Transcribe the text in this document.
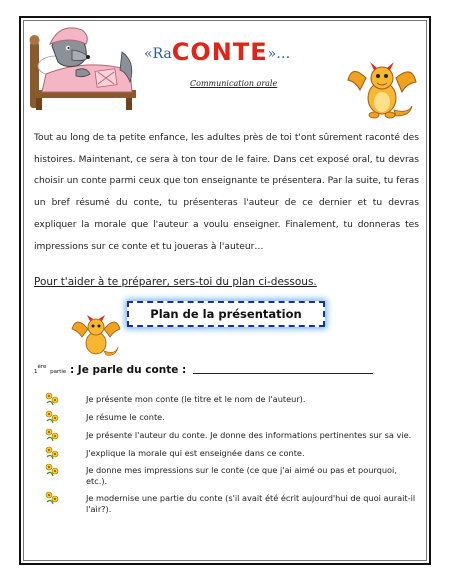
«RaCONTE»…
Communication orale
Tout au long de ta petite enfance, les adultes près de toi t'ont sûrement raconté des histoires. Maintenant, ce sera à ton tour de le faire. Dans cet exposé oral, tu devras choisir un conte parmi ceux que ton enseignante te présentera. Par la suite, tu feras un bref résumé du conte, tu présenteras l'auteur de ce dernier et tu devras expliquer la morale que l'auteur a voulu enseigner. Finalement, tu donneras tes impressions sur ce conte et tu joueras à l'auteur…
Pour t'aider à te préparer, sers-toi du plan ci-dessous.
Plan de la présentation
1ère partie : Je parle du conte :
Je présente mon conte (le titre et le nom de l'auteur).
Je résume le conte.
Je présente l'auteur du conte. Je donne des informations pertinentes sur sa vie.
J'explique la morale qui est enseignée dans ce conte.
Je donne mes impressions sur le conte (ce que j'ai aimé ou pas et pourquoi, etc.).
Je modernise une partie du conte (s'il avait été écrit aujourd'hui de quoi aurait-il l'air?).
